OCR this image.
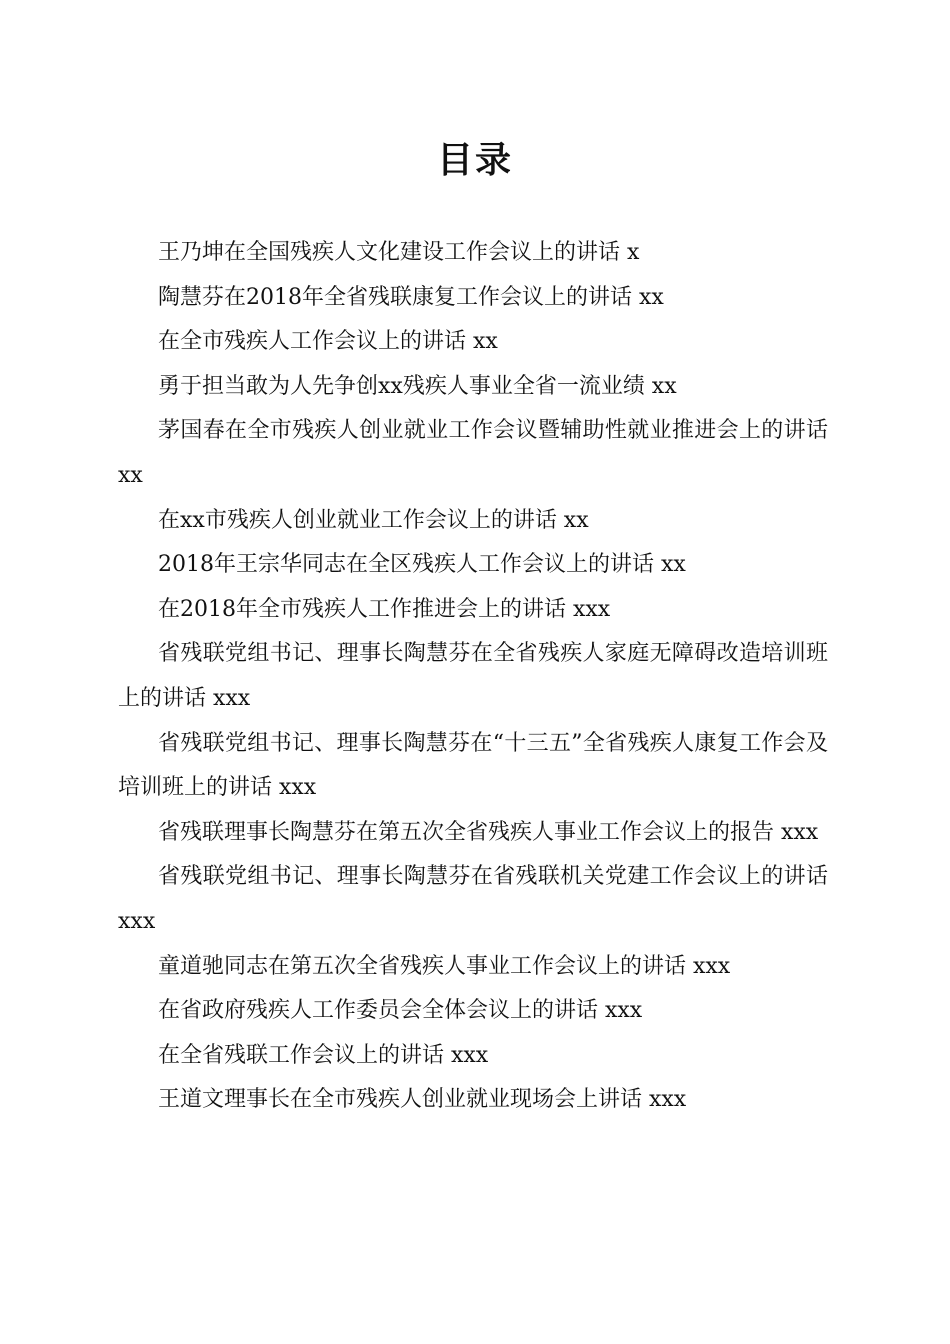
目录

王乃坤在全国残疾人文化建设工作会议上的讲话 x

陶慧芬在2018年全省残联康复工作会议上的讲话 xx

在全市残疾人工作会议上的讲话 xx

勇于担当敢为人先争创xx残疾人事业全省一流业绩 xx

茅国春在全市残疾人创业就业工作会议暨辅助性就业推进会上的讲话 xx

在xx市残疾人创业就业工作会议上的讲话 xx

2018年王宗华同志在全区残疾人工作会议上的讲话 xx

在2018年全市残疾人工作推进会上的讲话 xxx

省残联党组书记、理事长陶慧芬在全省残疾人家庭无障碍改造培训班上的讲话 xxx

省残联党组书记、理事长陶慧芬在“十三五”全省残疾人康复工作会及培训班上的讲话 xxx

省残联理事长陶慧芬在第五次全省残疾人事业工作会议上的报告 xxx

省残联党组书记、理事长陶慧芬在省残联机关党建工作会议上的讲话 xxx

童道驰同志在第五次全省残疾人事业工作会议上的讲话 xxx

在省政府残疾人工作委员会全体会议上的讲话 xxx

在全省残联工作会议上的讲话 xxx

王道文理事长在全市残疾人创业就业现场会上讲话 xxx
